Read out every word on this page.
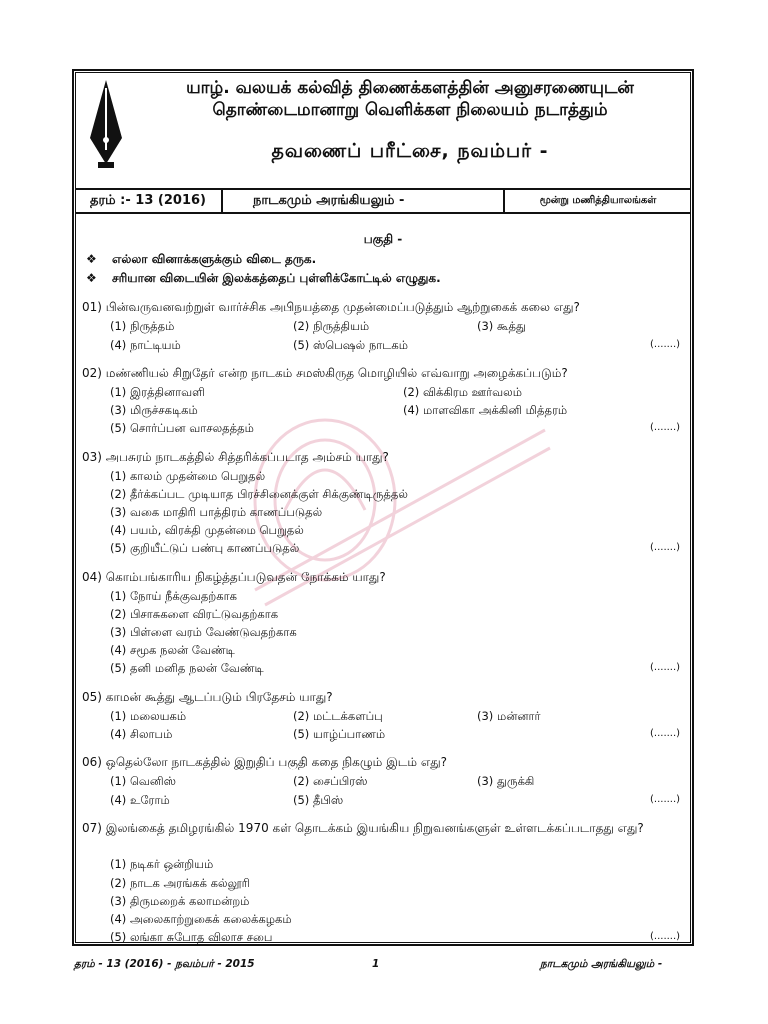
யாழ். வலயக் கல்வித் திணைக்களத்தின் அனுசரணையுடன்
தொண்டைமானாறு வெளிக்கள நிலையம் நடாத்தும்
தவணைப் பரீட்சை, நவம்பர் -
தரம் :- 13 (2016)	நாடகமும் அரங்கியலும் -	மூன்று மணித்தியாலங்கள்
பகுதி -
❖ எல்லா வினாக்களுக்கும் விடை தருக.
❖ சரியான விடையின் இலக்கத்தைப் புள்ளிக்கோட்டில் எழுதுக.
01) பின்வருவனவற்றுள் வார்ச்சிக அபிநயத்தை முதன்மைப்படுத்தும் ஆற்றுகைக் கலை எது?
(1) நிருத்தம்	(2) நிருத்தியம்	(3) கூத்து
(4) நாட்டியம்	(5) ஸ்பெஷல் நாடகம்	(.......)
02) மண்ணியல் சிறுதேர் என்ற நாடகம் சமஸ்கிருத மொழியில் எவ்வாறு அழைக்கப்படும்?
(1) இரத்தினாவளி	(2) விக்கிரம ஊர்வலம்
(3) மிருச்சகடிகம்	(4) மாளவிகா அக்கினி மித்தரம்
(5) சொர்ப்பன வாசலதத்தம்	(.......)
03) அபசுரம் நாடகத்தில் சித்தரிக்கப்படாத அம்சம் யாது?
(1) காலம் முதன்மை பெறுதல்
(2) தீர்க்கப்பட முடியாத பிரச்சினைக்குள் சிக்குண்டிருத்தல்
(3) வகை மாதிரி பாத்திரம் காணப்படுதல்
(4) பயம், விரக்தி முதன்மை பெறுதல்
(5) குறியீட்டுப் பண்பு காணப்படுதல்	(.......)
04) கொம்பங்காரிய நிகழ்த்தப்படுவதன் நோக்கம் யாது?
(1) நோய் நீக்குவதற்காக
(2) பிசாசுகளை விரட்டுவதற்காக
(3) பிள்ளை வரம் வேண்டுவதற்காக
(4) சமூக நலன் வேண்டி
(5) தனி மனித நலன் வேண்டி	(.......)
05) காமன் கூத்து ஆடப்படும் பிரதேசம் யாது?
(1) மலையகம்	(2) மட்டக்களப்பு	(3) மன்னார்
(4) சிலாபம்	(5) யாழ்ப்பாணம்	(.......)
06) ஒதெல்லோ நாடகத்தில் இறுதிப் பகுதி கதை நிகழும் இடம் எது?
(1) வெனிஸ்	(2) சைப்பிரஸ்	(3) துருக்கி
(4) உரோம்	(5) தீபிஸ்	(.......)
07) இலங்கைத் தமிழரங்கில் 1970 கள் தொடக்கம் இயங்கிய நிறுவனங்களுள் உள்ளடக்கப்படாதது எது?
(1) நடிகர் ஒன்றியம்
(2) நாடக அரங்கக் கல்லூரி
(3) திருமறைக் கலாமன்றம்
(4) அலைகாற்றுகைக் கலைக்கழகம்
(5) லங்கா சுபோத விலாச சபை	(.......)
தரம் - 13 (2016) - நவம்பர் - 2015	1	நாடகமும் அரங்கியலும் -
